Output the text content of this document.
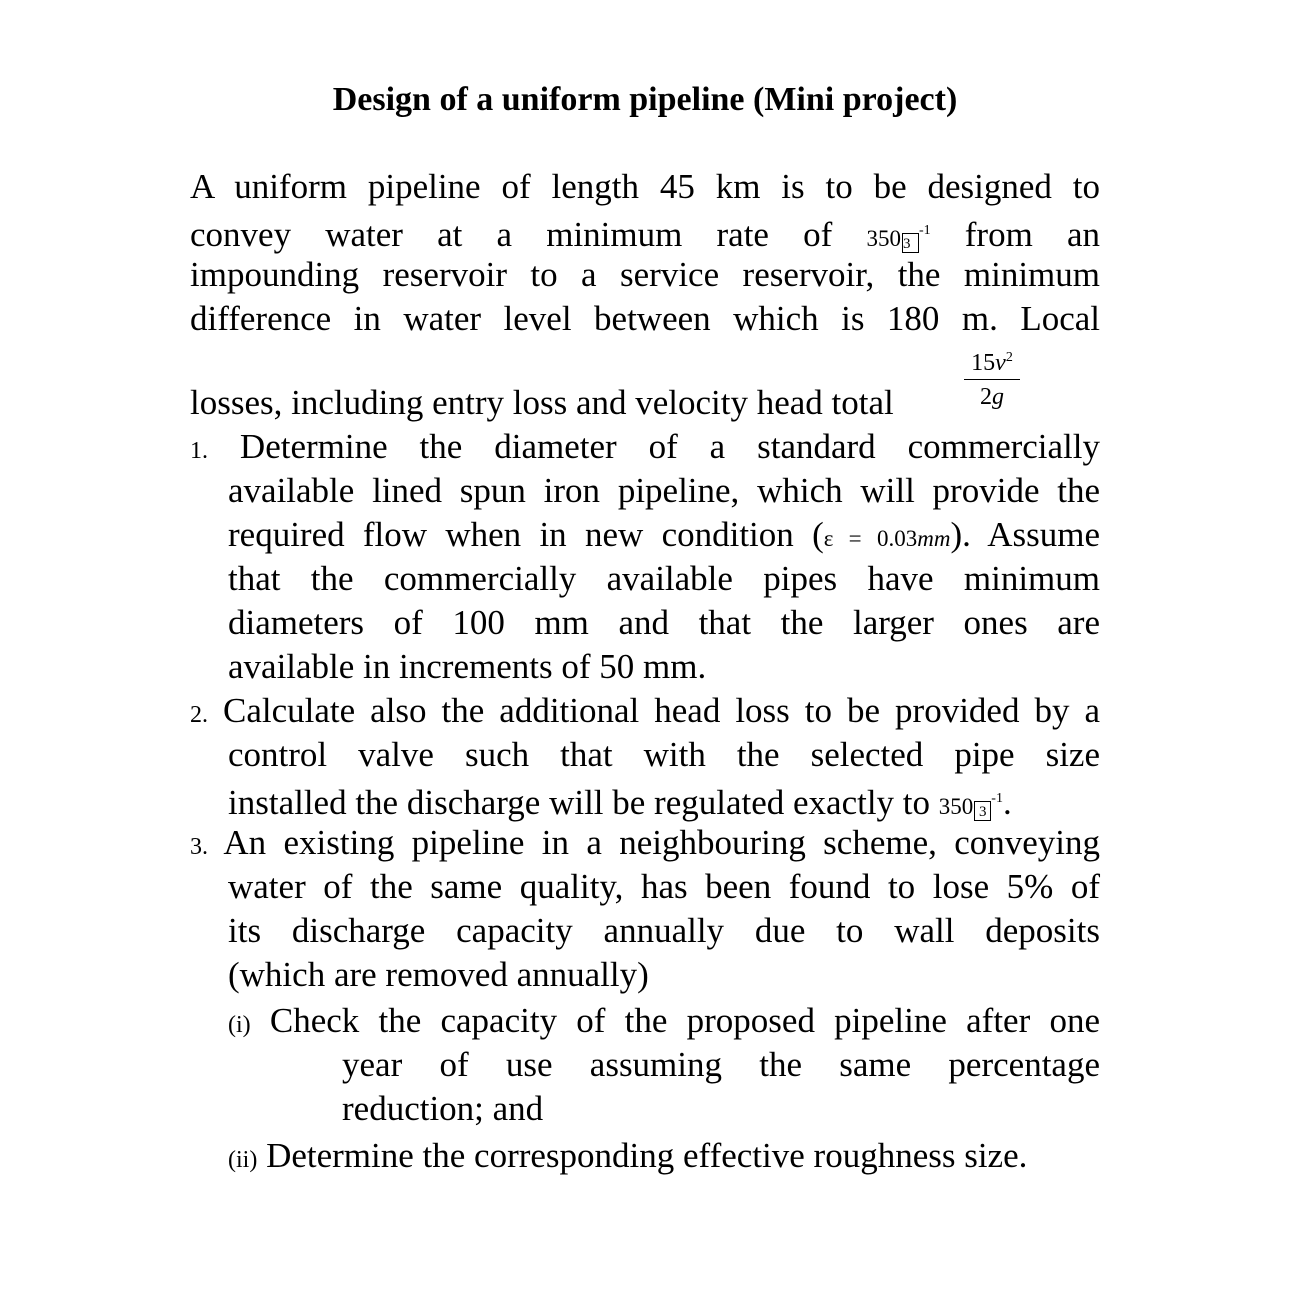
Design of a uniform pipeline (Mini project)
A uniform pipeline of length 45 km is to be designed to
convey water at a minimum rate of 350 $3^{-1}$ from an
impounding reservoir to a service reservoir, the minimum
difference in water level between which is 180 m. Local
$\frac{15v^2}{2g}$
losses, including entry loss and velocity head total
1. Determine the diameter of a standard commercially
available lined spun iron pipeline, which will provide the
required flow when in new condition (ε = 0.03mm). Assume
that the commercially available pipes have minimum
diameters of 100 mm and that the larger ones are
available in increments of 50 mm.
2. Calculate also the additional head loss to be provided by a
control valve such that with the selected pipe size
installed the discharge will be regulated exactly to 350 $3^{-1}$.
3. An existing pipeline in a neighbouring scheme, conveying
water of the same quality, has been found to lose 5% of
its discharge capacity annually due to wall deposits
(which are removed annually)
(i) Check the capacity of the proposed pipeline after one
year of use assuming the same percentage
reduction; and
(ii) Determine the corresponding effective roughness size.
